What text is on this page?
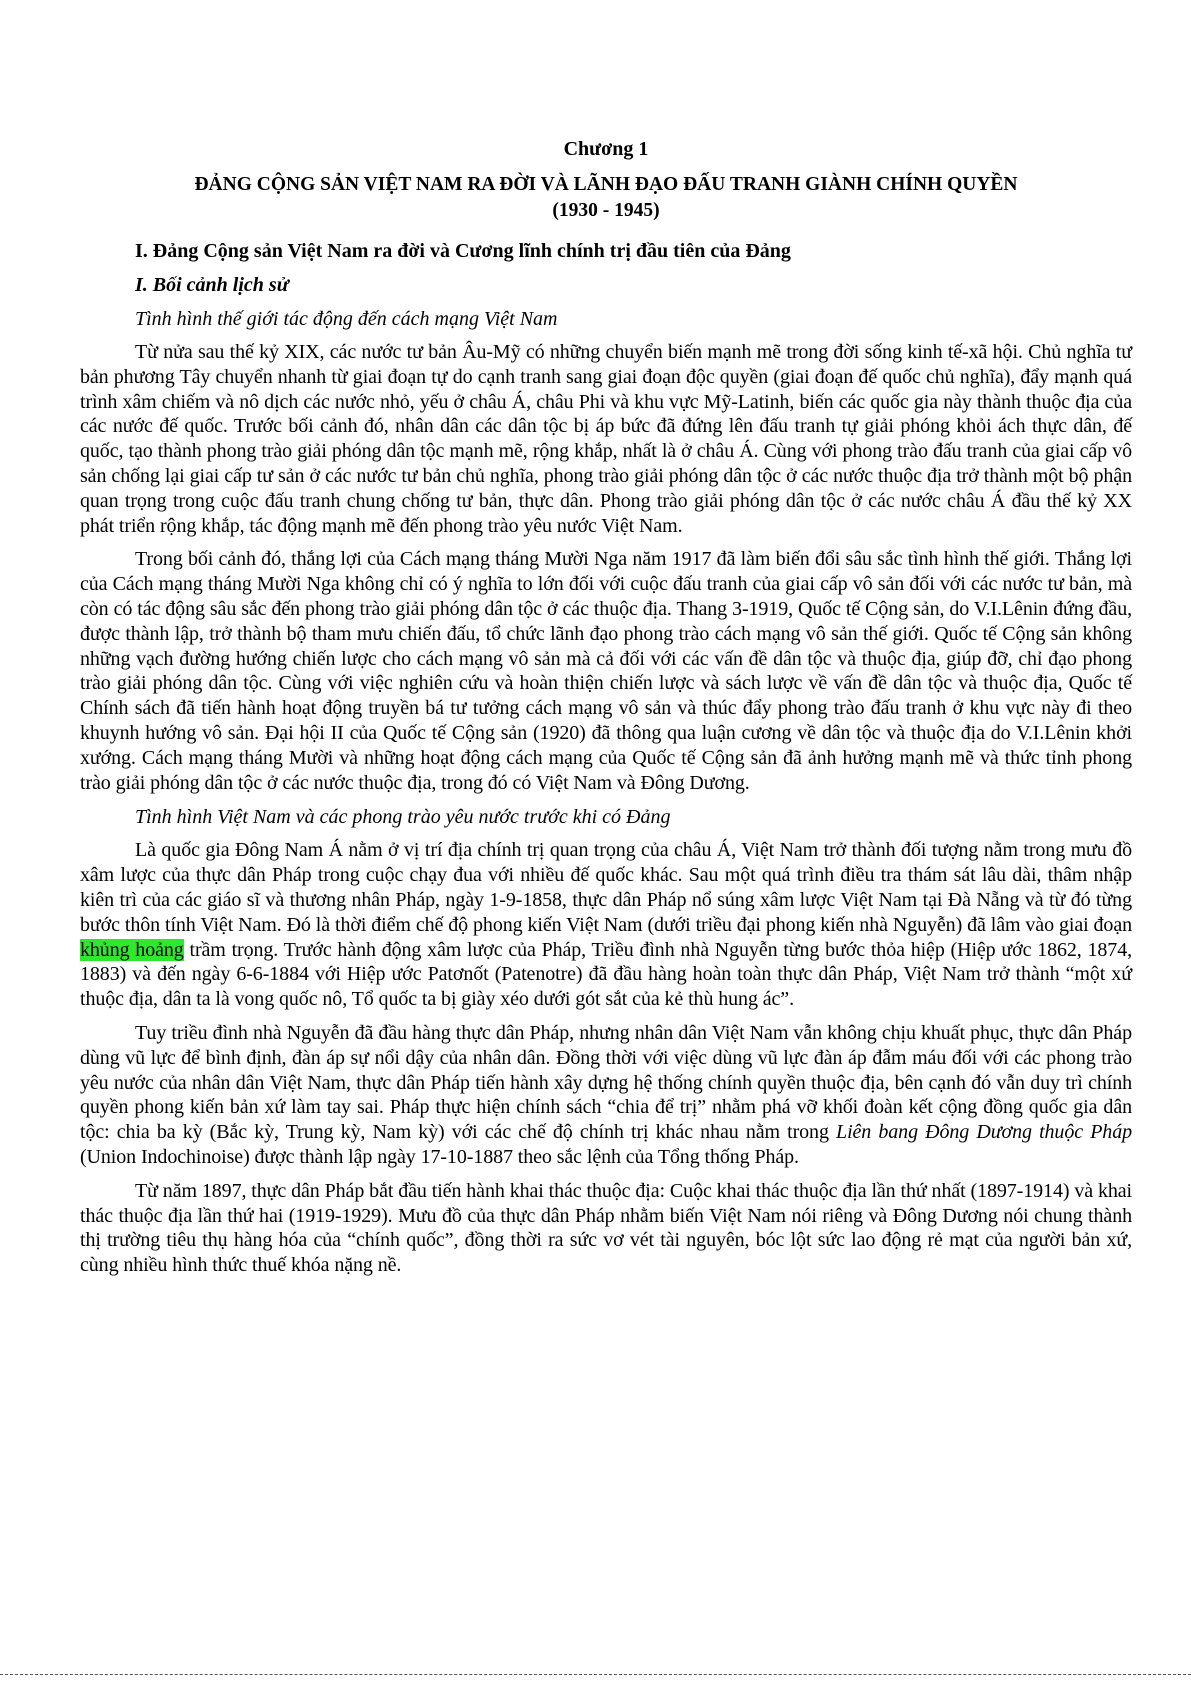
Chương 1
ĐẢNG CỘNG SẢN VIỆT NAM RA ĐỜI VÀ LÃNH ĐẠO ĐẤU TRANH GIÀNH CHÍNH QUYỀN
(1930 - 1945)
I. Đảng Cộng sản Việt Nam ra đời và Cương lĩnh chính trị đầu tiên của Đảng
I. Bối cảnh lịch sử
Tình hình thế giới tác động đến cách mạng Việt Nam

Từ nửa sau thế kỷ XIX, các nước tư bản Âu-Mỹ có những chuyển biến mạnh mẽ trong đời sống kinh tế-xã hội. Chủ nghĩa tư bản phương Tây chuyển nhanh từ giai đoạn tự do cạnh tranh sang giai đoạn độc quyền (giai đoạn đế quốc chủ nghĩa), đẩy mạnh quá trình xâm chiếm và nô dịch các nước nhỏ, yếu ở châu Á, châu Phi và khu vực Mỹ-Latinh, biến các quốc gia này thành thuộc địa của các nước đế quốc. Trước bối cảnh đó, nhân dân các dân tộc bị áp bức đã đứng lên đấu tranh tự giải phóng khỏi ách thực dân, đế quốc, tạo thành phong trào giải phóng dân tộc mạnh mẽ, rộng khắp, nhất là ở châu Á. Cùng với phong trào đấu tranh của giai cấp vô sản chống lại giai cấp tư sản ở các nước tư bản chủ nghĩa, phong trào giải phóng dân tộc ở các nước thuộc địa trở thành một bộ phận quan trọng trong cuộc đấu tranh chung chống tư bản, thực dân. Phong trào giải phóng dân tộc ở các nước châu Á đầu thế kỷ XX phát triển rộng khắp, tác động mạnh mẽ đến phong trào yêu nước Việt Nam.

Trong bối cảnh đó, thắng lợi của Cách mạng tháng Mười Nga năm 1917 đã làm biến đổi sâu sắc tình hình thế giới. Thắng lợi của Cách mạng tháng Mười Nga không chỉ có ý nghĩa to lớn đối với cuộc đấu tranh của giai cấp vô sản đối với các nước tư bản, mà còn có tác động sâu sắc đến phong trào giải phóng dân tộc ở các thuộc địa. Thang 3-1919, Quốc tế Cộng sản, do V.I.Lênin đứng đầu, được thành lập, trở thành bộ tham mưu chiến đấu, tổ chức lãnh đạo phong trào cách mạng vô sản thế giới. Quốc tế Cộng sản không những vạch đường hướng chiến lược cho cách mạng vô sản mà cả đối với các vấn đề dân tộc và thuộc địa, giúp đỡ, chỉ đạo phong trào giải phóng dân tộc. Cùng với việc nghiên cứu và hoàn thiện chiến lược và sách lược về vấn đề dân tộc và thuộc địa, Quốc tế Chính sách đã tiến hành hoạt động truyền bá tư tưởng cách mạng vô sản và thúc đẩy phong trào đấu tranh ở khu vực này đi theo khuynh hướng vô sản. Đại hội II của Quốc tế Cộng sản (1920) đã thông qua luận cương về dân tộc và thuộc địa do V.I.Lênin khởi xướng. Cách mạng tháng Mười và những hoạt động cách mạng của Quốc tế Cộng sản đã ảnh hưởng mạnh mẽ và thức tỉnh phong trào giải phóng dân tộc ở các nước thuộc địa, trong đó có Việt Nam và Đông Dương.

Tình hình Việt Nam và các phong trào yêu nước trước khi có Đảng

Là quốc gia Đông Nam Á nằm ở vị trí địa chính trị quan trọng của châu Á, Việt Nam trở thành đối tượng nằm trong mưu đồ xâm lược của thực dân Pháp trong cuộc chạy đua với nhiều đế quốc khác. Sau một quá trình điều tra thám sát lâu dài, thâm nhập kiên trì của các giáo sĩ và thương nhân Pháp, ngày 1-9-1858, thực dân Pháp nổ súng xâm lược Việt Nam tại Đà Nẵng và từ đó từng bước thôn tính Việt Nam. Đó là thời điểm chế độ phong kiến Việt Nam (dưới triều đại phong kiến nhà Nguyễn) đã lâm vào giai đoạn khủng hoảng trầm trọng. Trước hành động xâm lược của Pháp, Triều đình nhà Nguyễn từng bước thỏa hiệp (Hiệp ước 1862, 1874, 1883) và đến ngày 6-6-1884 với Hiệp ước Patơnốt (Patenotre) đã đầu hàng hoàn toàn thực dân Pháp, Việt Nam trở thành “một xứ thuộc địa, dân ta là vong quốc nô, Tổ quốc ta bị giày xéo dưới gót sắt của kẻ thù hung ác”.

Tuy triều đình nhà Nguyễn đã đầu hàng thực dân Pháp, nhưng nhân dân Việt Nam vẫn không chịu khuất phục, thực dân Pháp dùng vũ lực để bình định, đàn áp sự nổi dậy của nhân dân. Đồng thời với việc dùng vũ lực đàn áp đẫm máu đối với các phong trào yêu nước của nhân dân Việt Nam, thực dân Pháp tiến hành xây dựng hệ thống chính quyền thuộc địa, bên cạnh đó vẫn duy trì chính quyền phong kiến bản xứ làm tay sai. Pháp thực hiện chính sách “chia để trị” nhằm phá vỡ khối đoàn kết cộng đồng quốc gia dân tộc: chia ba kỳ (Bắc kỳ, Trung kỳ, Nam kỳ) với các chế độ chính trị khác nhau nằm trong Liên bang Đông Dương thuộc Pháp (Union Indochinoise) được thành lập ngày 17-10-1887 theo sắc lệnh của Tổng thống Pháp.

Từ năm 1897, thực dân Pháp bắt đầu tiến hành khai thác thuộc địa: Cuộc khai thác thuộc địa lần thứ nhất (1897-1914) và khai thác thuộc địa lần thứ hai (1919-1929). Mưu đồ của thực dân Pháp nhằm biến Việt Nam nói riêng và Đông Dương nói chung thành thị trường tiêu thụ hàng hóa của “chính quốc”, đồng thời ra sức vơ vét tài nguyên, bóc lột sức lao động rẻ mạt của người bản xứ, cùng nhiều hình thức thuế khóa nặng nề.
